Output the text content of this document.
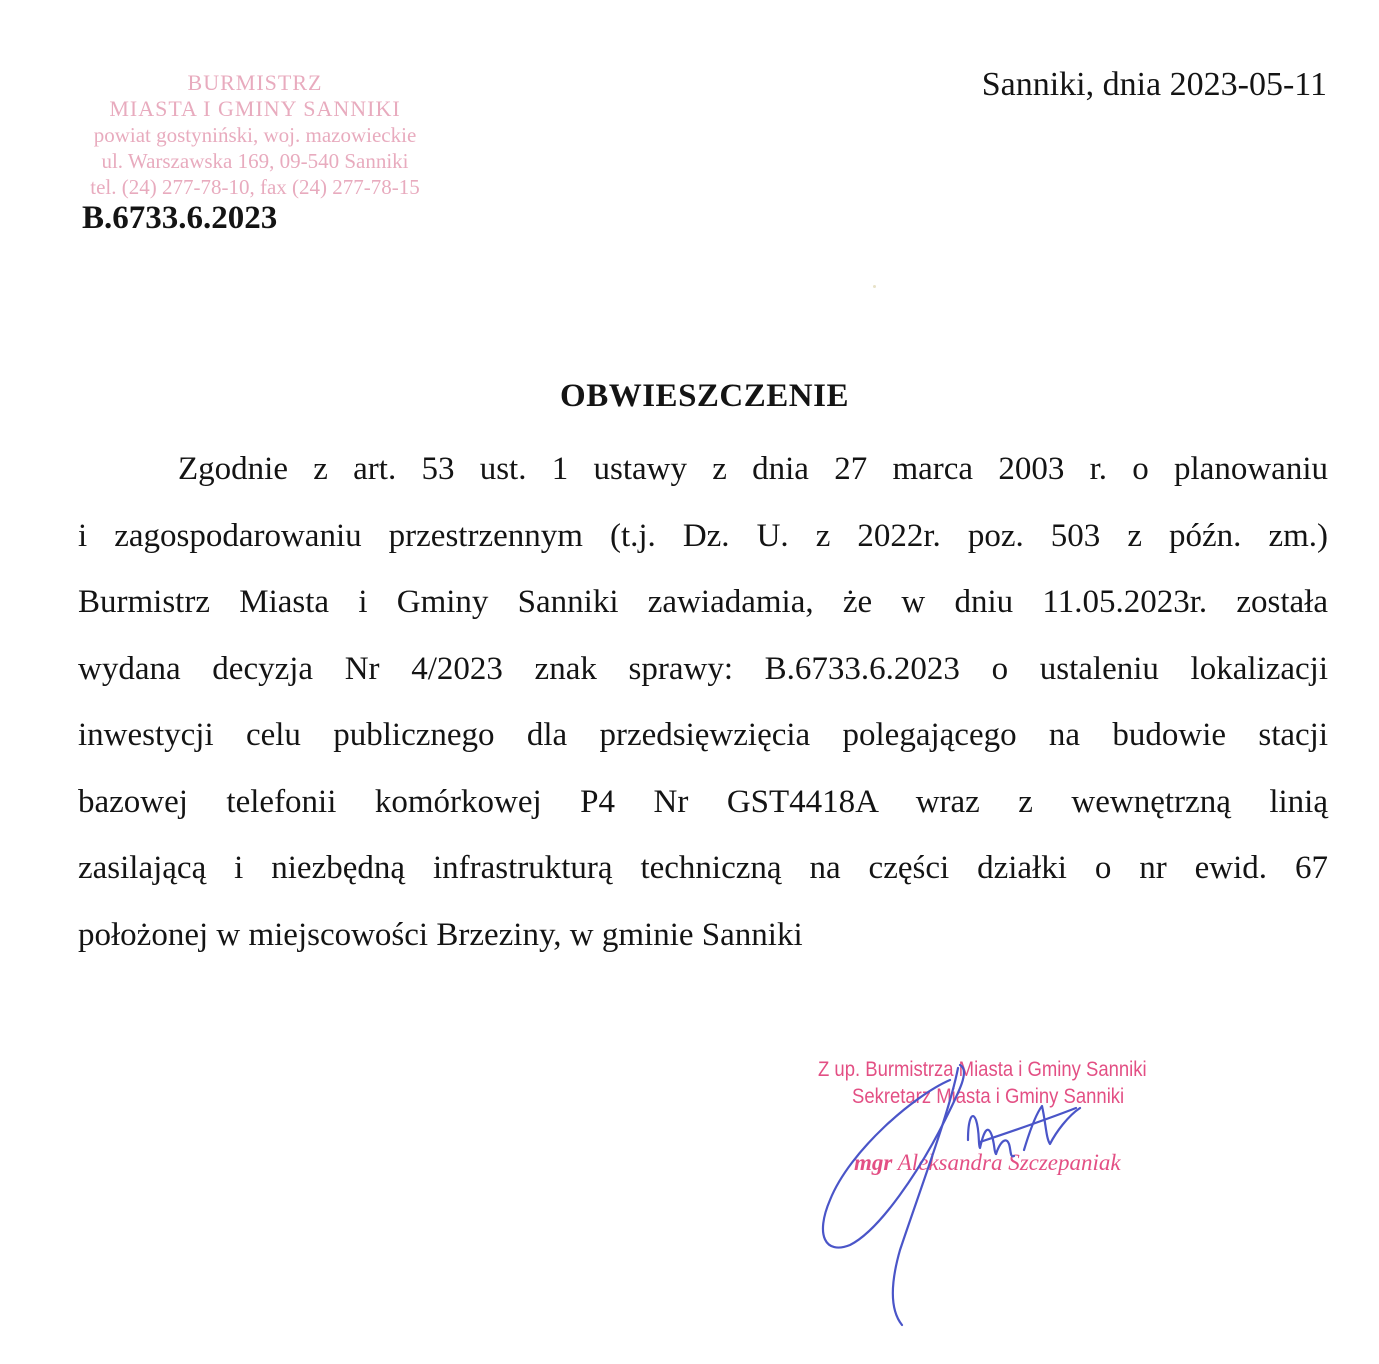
BURMISTRZ
MIASTA I GMINY SANNIKI
powiat gostyniński, woj. mazowieckie
ul. Warszawska 169, 09-540 Sanniki
tel. (24) 277-78-10, fax (24) 277-78-15
Sanniki, dnia 2023-05-11
B.6733.6.2023
OBWIESZCZENIE
Zgodnie z art. 53 ust. 1 ustawy z dnia 27 marca 2003 r. o planowaniu
i zagospodarowaniu przestrzennym (t.j. Dz. U. z 2022r. poz. 503 z późn. zm.)
Burmistrz Miasta i Gminy Sanniki zawiadamia, że w dniu 11.05.2023r. została
wydana decyzja Nr 4/2023 znak sprawy: B.6733.6.2023 o ustaleniu lokalizacji
inwestycji celu publicznego dla przedsięwzięcia polegającego na budowie stacji
bazowej telefonii komórkowej P4 Nr GST4418A wraz z wewnętrzną linią
zasilającą i niezbędną infrastrukturą techniczną na części działki o nr ewid. 67
położonej w miejscowości Brzeziny, w gminie Sanniki
Z up. Burmistrza Miasta i Gminy Sanniki
Sekretarz Miasta i Gminy Sanniki
mgr Aleksandra Szczepaniak
